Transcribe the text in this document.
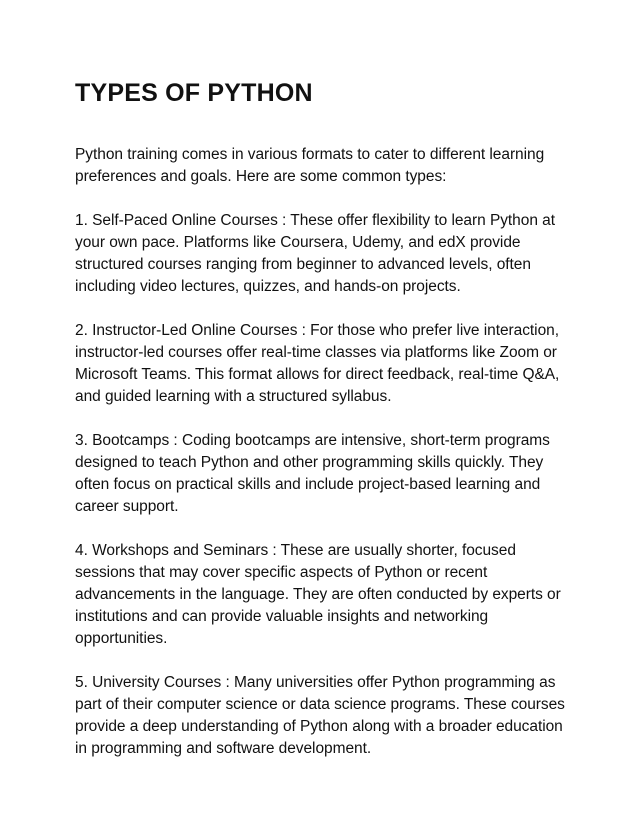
TYPES OF PYTHON

Python training comes in various formats to cater to different learning preferences and goals. Here are some common types:

1. Self-Paced Online Courses : These offer flexibility to learn Python at your own pace. Platforms like Coursera, Udemy, and edX provide structured courses ranging from beginner to advanced levels, often including video lectures, quizzes, and hands-on projects.

2. Instructor-Led Online Courses : For those who prefer live interaction, instructor-led courses offer real-time classes via platforms like Zoom or Microsoft Teams. This format allows for direct feedback, real-time Q&A, and guided learning with a structured syllabus.

3. Bootcamps : Coding bootcamps are intensive, short-term programs designed to teach Python and other programming skills quickly. They often focus on practical skills and include project-based learning and career support.

4. Workshops and Seminars : These are usually shorter, focused sessions that may cover specific aspects of Python or recent advancements in the language. They are often conducted by experts or institutions and can provide valuable insights and networking opportunities.

5. University Courses : Many universities offer Python programming as part of their computer science or data science programs. These courses provide a deep understanding of Python along with a broader education in programming and software development.
